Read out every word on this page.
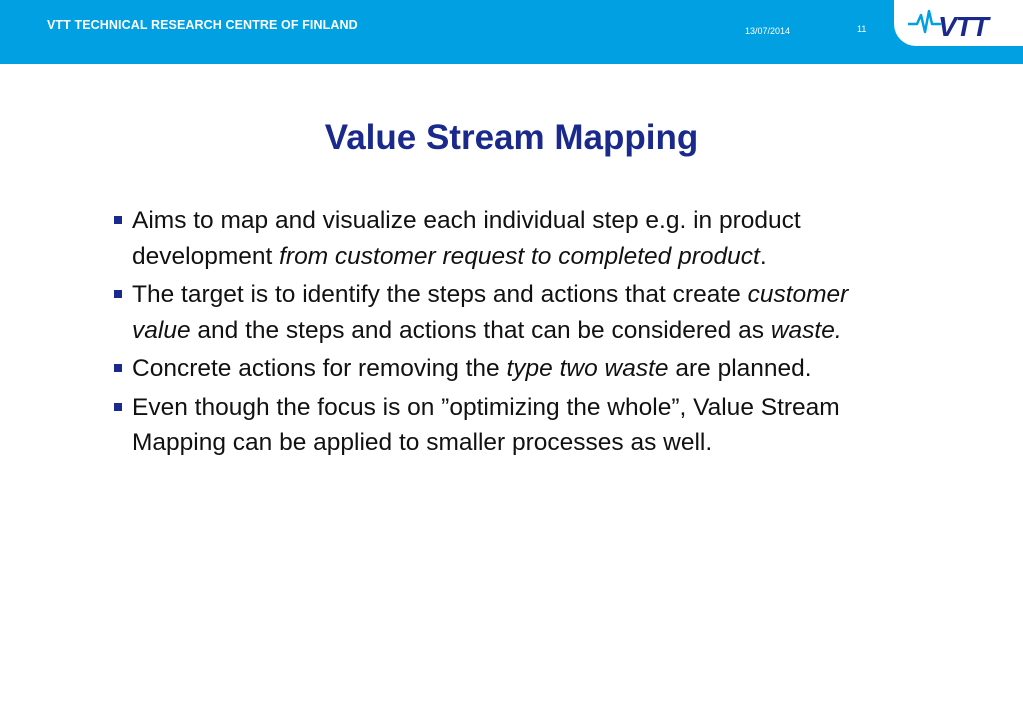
VTT TECHNICAL RESEARCH CENTRE OF FINLAND	13/07/2014	11	VTT
Value Stream Mapping
Aims to map and visualize each individual step e.g. in product development from customer request to completed product.
The target is to identify the steps and actions that create customer value and the steps and actions that can be considered as waste.
Concrete actions for removing the type two waste are planned.
Even though the focus is on ”optimizing the whole”, Value Stream Mapping can be applied to smaller processes as well.
